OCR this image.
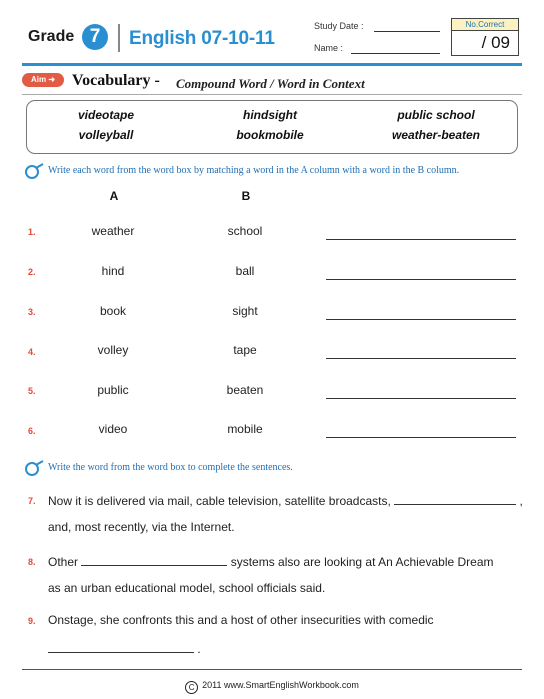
Grade 7	English 07-10-11
Study Date :
Name :
No.Correct
/ 09
Aim ➜	Vocabulary - Compound Word / Word in Context
videotape	hindsight	public school
volleyball	bookmobile	weather-beaten
Write each word from the word box by matching a word in the A column with a word in the B column.
A	B
1.	weather	school
2.	hind	ball
3.	book	sight
4.	volley	tape
5.	public	beaten
6.	video	mobile
Write the word from the word box to complete the sentences.
7. Now it is delivered via mail, cable television, satellite broadcasts,	,
and, most recently, via the Internet.
8. Other	systems also are looking at An Achievable Dream
as an urban educational model, school officials said.
9. Onstage, she confronts this and a host of other insecurities with comedic
.
C 2011 www.SmartEnglishWorkbook.com
